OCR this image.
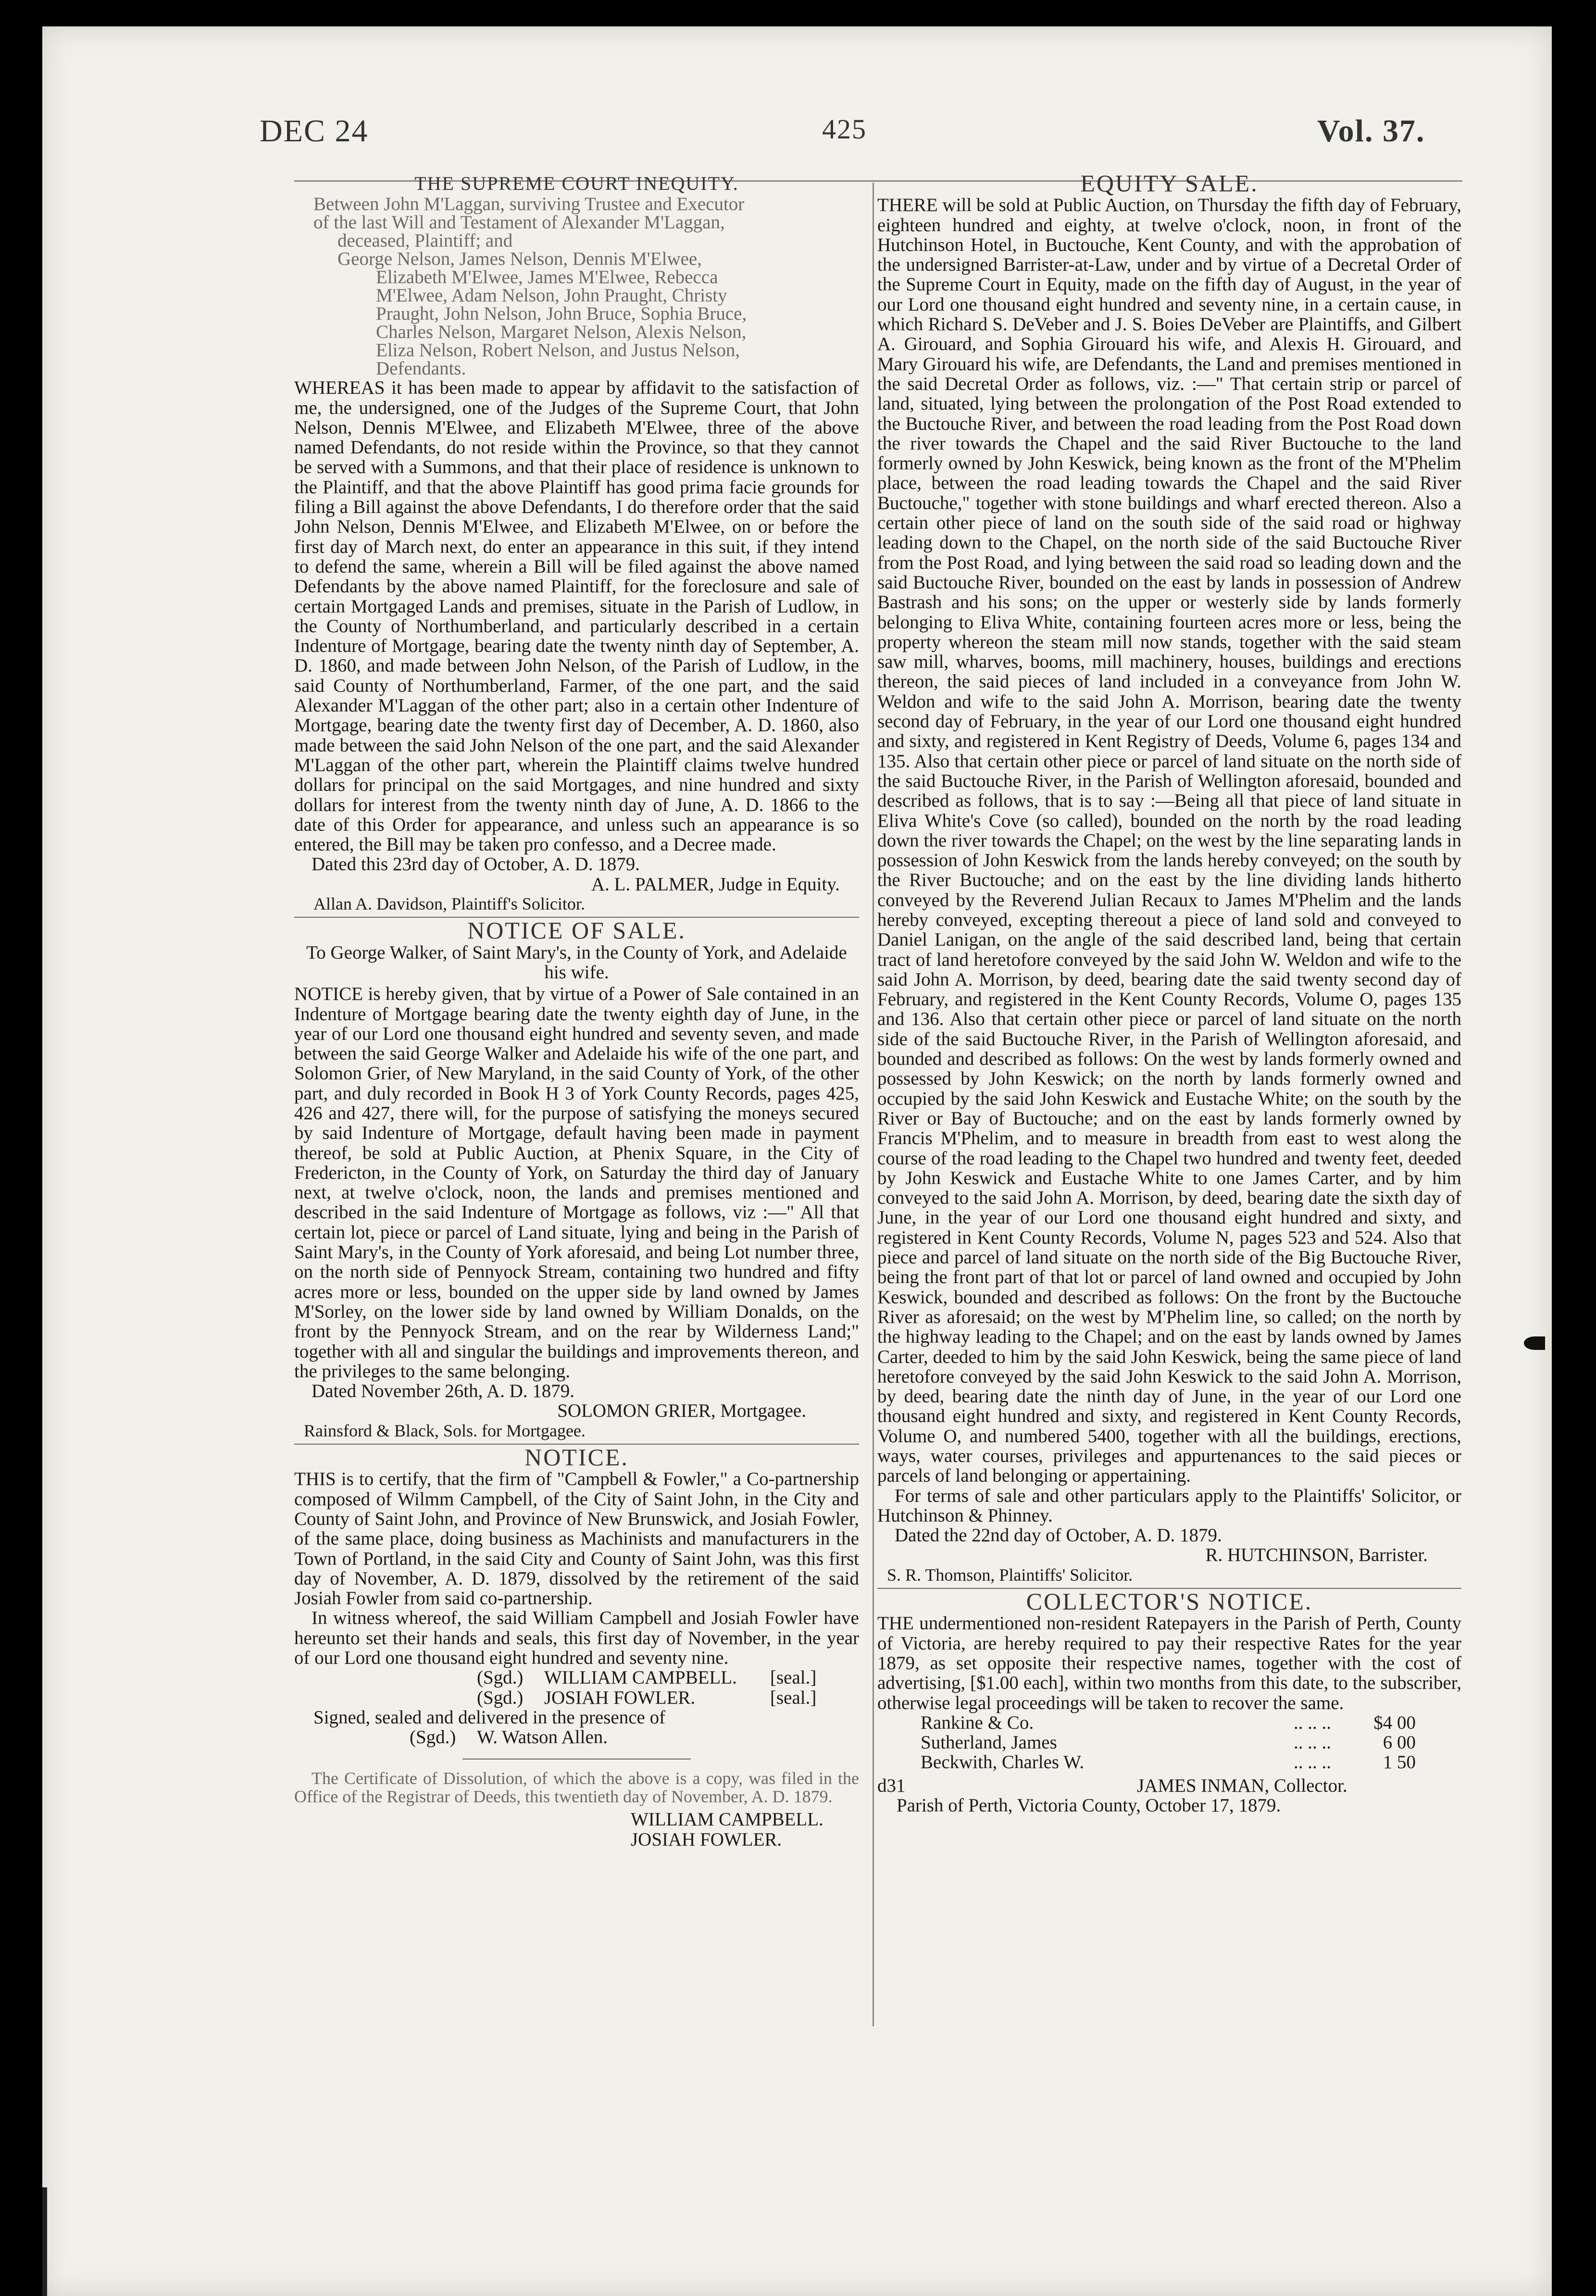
DEC 24	425	Vol. 37.
THE SUPREME COURT INEQUITY.
Between John M'Laggan, surviving Trustee and Executor
of the last Will and Testament of Alexander M'Laggan,
deceased, Plaintiff; and
George Nelson, James Nelson, Dennis M'Elwee,
Elizabeth M'Elwee, James M'Elwee, Rebecca
M'Elwee, Adam Nelson, John Praught, Christy
Praught, John Nelson, John Bruce, Sophia Bruce,
Charles Nelson, Margaret Nelson, Alexis Nelson,
Eliza Nelson, Robert Nelson, and Justus Nelson,
Defendants.

WHEREAS it has been made to appear by affidavit to the satisfaction of me, the undersigned, one of the Judges of the Supreme Court, that John Nelson, Dennis M'Elwee, and Elizabeth M'Elwee, three of the above named Defendants, do not reside within the Province, so that they cannot be served with a Summons, and that their place of residence is unknown to the Plaintiff, and that the above Plaintiff has good prima facie grounds for filing a Bill against the above Defendants, I do therefore order that the said John Nelson, Dennis M'Elwee, and Elizabeth M'Elwee, on or before the first day of March next, do enter an appearance in this suit, if they intend to defend the same, wherein a Bill will be filed against the above named Defendants by the above named Plaintiff, for the foreclosure and sale of certain Mortgaged Lands and premises, situate in the Parish of Ludlow, in the County of Northumberland, and particularly described in a certain Indenture of Mortgage, bearing date the twenty ninth day of September, A. D. 1860, and made between John Nelson, of the Parish of Ludlow, in the said County of Northumberland, Farmer, of the one part, and the said Alexander M'Laggan of the other part; also in a certain other Indenture of Mortgage, bearing date the twenty first day of December, A. D. 1860, also made between the said John Nelson of the one part, and the said Alexander M'Laggan of the other part, wherein the Plaintiff claims twelve hundred dollars for principal on the said Mortgages, and nine hundred and sixty dollars for interest from the twenty ninth day of June, A. D. 1866 to the date of this Order for appearance, and unless such an appearance is so entered, the Bill may be taken pro confesso, and a Decree made.

Dated this 23rd day of October, A. D. 1879.

A. L. PALMER, Judge in Equity.
Allan A. Davidson, Plaintiff's Solicitor.
NOTICE OF SALE.
To George Walker, of Saint Mary's, in the County of York, and Adelaide his wife.

NOTICE is hereby given, that by virtue of a Power of Sale contained in an Indenture of Mortgage bearing date the twenty eighth day of June, in the year of our Lord one thousand eight hundred and seventy seven, and made between the said George Walker and Adelaide his wife of the one part, and Solomon Grier, of New Maryland, in the said County of York, of the other part, and duly recorded in Book H 3 of York County Records, pages 425, 426 and 427, there will, for the purpose of satisfying the moneys secured by said Indenture of Mortgage, default having been made in payment thereof, be sold at Public Auction, at Phenix Square, in the City of Fredericton, in the County of York, on Saturday the third day of January next, at twelve o'clock, noon, the lands and premises mentioned and described in the said Indenture of Mortgage as follows, viz :—" All that certain lot, piece or parcel of Land situate, lying and being in the Parish of Saint Mary's, in the County of York aforesaid, and being Lot number three, on the north side of Pennyock Stream, containing two hundred and fifty acres more or less, bounded on the upper side by land owned by James M'Sorley, on the lower side by land owned by William Donalds, on the front by the Pennyock Stream, and on the rear by Wilderness Land;" together with all and singular the buildings and improvements thereon, and the privileges to the same belonging.

Dated November 26th, A. D. 1879.

SOLOMON GRIER, Mortgagee.
Rainsford & Black, Sols. for Mortgagee.
NOTICE.

THIS is to certify, that the firm of "Campbell & Fowler," a Co-partnership composed of Wilmm Campbell, of the City of Saint John, in the City and County of Saint John, and Province of New Brunswick, and Josiah Fowler, of the same place, doing business as Machinists and manufacturers in the Town of Portland, in the said City and County of Saint John, was this first day of November, A. D. 1879, dissolved by the retirement of the said Josiah Fowler from said co-partnership.

In witness whereof, the said William Campbell and Josiah Fowler have hereunto set their hands and seals, this first day of November, in the year of our Lord one thousand eight hundred and seventy nine.

(Sgd.)	WILLIAM CAMPBELL.	[seal.]
(Sgd.)	JOSIAH FOWLER.	[seal.]
Signed, sealed and delivered in the presence of
(Sgd.)	W. Watson Allen.

The Certificate of Dissolution, of which the above is a copy, was filed in the Office of the Registrar of Deeds, this twentieth day of November, A. D. 1879.

WILLIAM CAMPBELL.
JOSIAH FOWLER.
EQUITY SALE.

THERE will be sold at Public Auction, on Thursday the fifth day of February, eighteen hundred and eighty, at twelve o'clock, noon, in front of the Hutchinson Hotel, in Buctouche, Kent County, and with the approbation of the undersigned Barrister-at-Law, under and by virtue of a Decretal Order of the Supreme Court in Equity, made on the fifth day of August, in the year of our Lord one thousand eight hundred and seventy nine, in a certain cause, in which Richard S. DeVeber and J. S. Boies DeVeber are Plaintiffs, and Gilbert A. Girouard, and Sophia Girouard his wife, and Alexis H. Girouard, and Mary Girouard his wife, are Defendants, the Land and premises mentioned in the said Decretal Order as follows, viz. :—" That certain strip or parcel of land, situated, lying between the prolongation of the Post Road extended to the Buctouche River, and between the road leading from the Post Road down the river towards the Chapel and the said River Buctouche to the land formerly owned by John Keswick, being known as the front of the M'Phelim place, between the road leading towards the Chapel and the said River Buctouche," together with stone buildings and wharf erected thereon. Also a certain other piece of land on the south side of the said road or highway leading down to the Chapel, on the north side of the said Buctouche River from the Post Road, and lying between the said road so leading down and the said Buctouche River, bounded on the east by lands in possession of Andrew Bastrash and his sons; on the upper or westerly side by lands formerly belonging to Eliva White, containing fourteen acres more or less, being the property whereon the steam mill now stands, together with the said steam saw mill, wharves, booms, mill machinery, houses, buildings and erections thereon, the said pieces of land included in a conveyance from John W. Weldon and wife to the said John A. Morrison, bearing date the twenty second day of February, in the year of our Lord one thousand eight hundred and sixty, and registered in Kent Registry of Deeds, Volume 6, pages 134 and 135. Also that certain other piece or parcel of land situate on the north side of the said Buctouche River, in the Parish of Wellington aforesaid, bounded and described as follows, that is to say :—Being all that piece of land situate in Eliva White's Cove (so called), bounded on the north by the road leading down the river towards the Chapel; on the west by the line separating lands in possession of John Keswick from the lands hereby conveyed; on the south by the River Buctouche; and on the east by the line dividing lands hitherto conveyed by the Reverend Julian Recaux to James M'Phelim and the lands hereby conveyed, excepting thereout a piece of land sold and conveyed to Daniel Lanigan, on the angle of the said described land, being that certain tract of land heretofore conveyed by the said John W. Weldon and wife to the said John A. Morrison, by deed, bearing date the said twenty second day of February, and registered in the Kent County Records, Volume O, pages 135 and 136. Also that certain other piece or parcel of land situate on the north side of the said Buctouche River, in the Parish of Wellington aforesaid, and bounded and described as follows: On the west by lands formerly owned and possessed by John Keswick; on the north by lands formerly owned and occupied by the said John Keswick and Eustache White; on the south by the River or Bay of Buctouche; and on the east by lands formerly owned by Francis M'Phelim, and to measure in breadth from east to west along the course of the road leading to the Chapel two hundred and twenty feet, deeded by John Keswick and Eustache White to one James Carter, and by him conveyed to the said John A. Morrison, by deed, bearing date the sixth day of June, in the year of our Lord one thousand eight hundred and sixty, and registered in Kent County Records, Volume N, pages 523 and 524. Also that piece and parcel of land situate on the north side of the Big Buctouche River, being the front part of that lot or parcel of land owned and occupied by John Keswick, bounded and described as follows: On the front by the Buctouche River as aforesaid; on the west by M'Phelim line, so called; on the north by the highway leading to the Chapel; and on the east by lands owned by James Carter, deeded to him by the said John Keswick, being the same piece of land heretofore conveyed by the said John Keswick to the said John A. Morrison, by deed, bearing date the ninth day of June, in the year of our Lord one thousand eight hundred and sixty, and registered in Kent County Records, Volume O, and numbered 5400, together with all the buildings, erections, ways, water courses, privileges and appurtenances to the said pieces or parcels of land belonging or appertaining.

For terms of sale and other particulars apply to the Plaintiffs' Solicitor, or Hutchinson & Phinney.

Dated the 22nd day of October, A. D. 1879.

R. HUTCHINSON, Barrister.
S. R. Thomson, Plaintiffs' Solicitor.
COLLECTOR'S NOTICE.

THE undermentioned non-resident Ratepayers in the Parish of Perth, County of Victoria, are hereby required to pay their respective Rates for the year 1879, as set opposite their respective names, together with the cost of advertising, [$1.00 each], within two months from this date, to the subscriber, otherwise legal proceedings will be taken to recover the same.

Rankine & Co.	.. .. ..	$4 00
Sutherland, James	.. .. ..	6 00
Beckwith, Charles W.	.. .. ..	1 50
d31	JAMES INMAN, Collector.
Parish of Perth, Victoria County, October 17, 1879.
